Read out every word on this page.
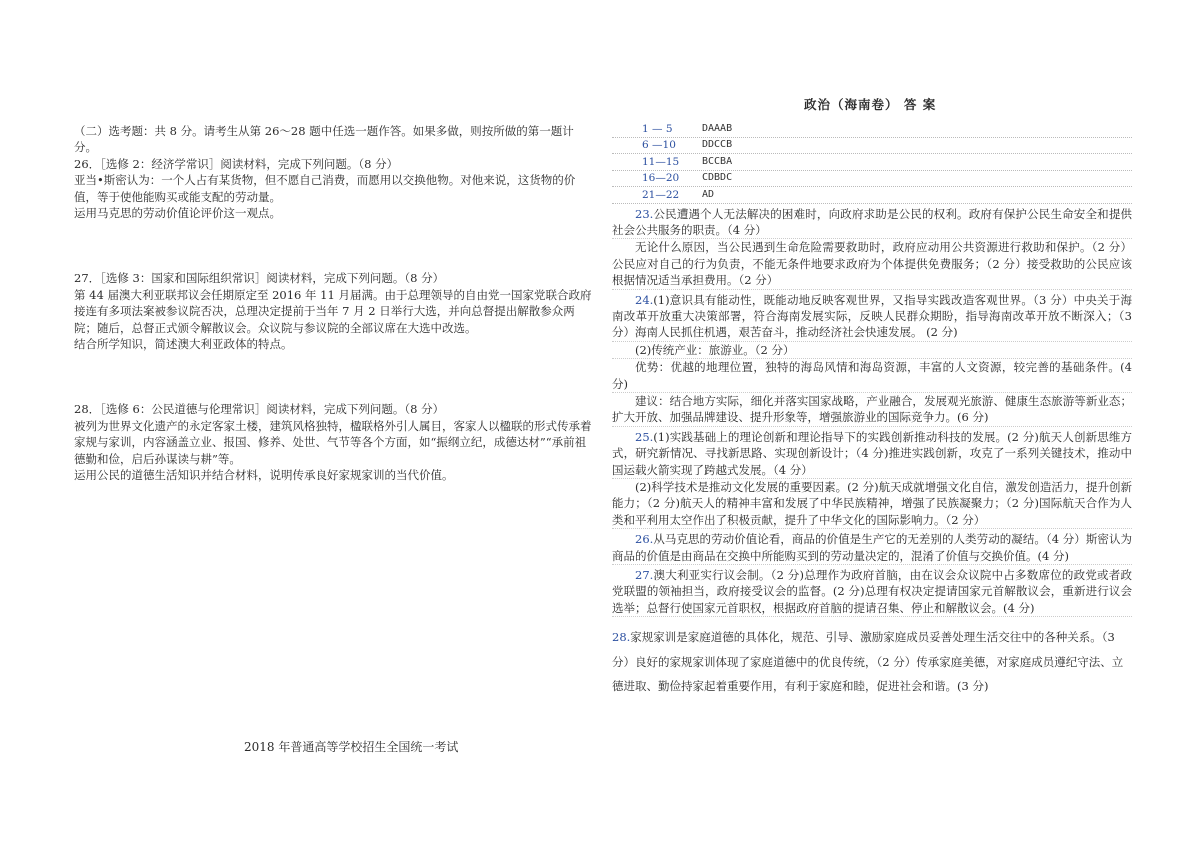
（二）选考题：共 8 分。请考生从第 26～28 题中任选一题作答。如果多做，则按所做的第一题计分。

26．［选修 2：经济学常识］阅读材料，完成下列问题。（8 分）

亚当•斯密认为：一个人占有某货物，但不愿自己消费，而愿用以交换他物。对他来说，这货物的价值，等于使他能购买或能支配的劳动量。

运用马克思的劳动价值论评价这一观点。

27．［选修 3：国家和国际组织常识］阅读材料，完成下列问题。（8 分）

第 44 届澳大利亚联邦议会任期原定至 2016 年 11 月届满。由于总理领导的自由党一国家党联合政府接连有多项法案被参议院否决，总理决定提前于当年 7 月 2 日举行大选，并向总督提出解散参众两院；随后，总督正式颁令解散议会。众议院与参议院的全部议席在大选中改选。

结合所学知识，简述澳大利亚政体的特点。

28．［选修 6：公民道德与伦理常识］阅读材料，完成下列问题。（8 分）

被列为世界文化遗产的永定客家土楼，建筑风格独特，楹联格外引人属目，客家人以楹联的形式传承着家规与家训，内容涵盖立业、报国、修养、处世、气节等各个方面，如“振纲立纪，成德达材”“承前祖德勤和俭，启后孙谋读与耕”等。

运用公民的道德生活知识并结合材料，说明传承良好家规家训的当代价值。

政治（海南卷） 答 案
1 — 5	DAAAB
6 —10	DDCCB
11—15	BCCBA
16—20	CDBDC
21—22	AD

23.公民遭遇个人无法解决的困难时，向政府求助是公民的权利。政府有保护公民生命安全和提供社会公共服务的职责。（4 分）

无论什么原因，当公民遇到生命危险需要救助时，政府应动用公共资源进行救助和保护。（2 分）公民应对自己的行为负责，不能无条件地要求政府为个体提供免费服务；（2 分）接受救助的公民应该根据情况适当承担费用。（2 分）

24.(1)意识具有能动性，既能动地反映客观世界，又指导实践改造客观世界。（3 分）中央关于海南改革开放重大决策部署，符合海南发展实际，反映人民群众期盼，指导海南改革开放不断深入；（3 分）海南人民抓住机遇，艰苦奋斗，推动经济社会快速发展。 (2 分)

(2)传统产业：旅游业。（2 分）

优势：优越的地理位置，独特的海岛风情和海岛资源，丰富的人文资源，较完善的基础条件。(4 分)

建议：结合地方实际，细化并落实国家战略，产业融合，发展观光旅游、健康生态旅游等新业态；扩大开放、加强品牌建设、提升形象等，增强旅游业的国际竞争力。(6 分)

25.(1)实践基础上的理论创新和理论指导下的实践创新推动科技的发展。(2 分)航天人创新思维方式，研究新情况、寻找新思路、实现创新设计；（4 分)推进实践创新，攻克了一系列关键技术，推动中国运载火箭实现了跨越式发展。（4 分）

(2)科学技术是推动文化发展的重要因素。(2 分)航天成就增强文化自信，激发创造活力，提升创新能力；（2 分)航天人的精神丰富和发展了中华民族精神，增强了民族凝聚力；（2 分)国际航天合作为人类和平利用太空作出了积极贡献，提升了中华文化的国际影响力。（2 分）

26.从马克思的劳动价值论看，商品的价值是生产它的无差别的人类劳动的凝结。（4 分）斯密认为商品的价值是由商品在交换中所能购买到的劳动量决定的，混淆了价值与交换价值。(4 分)

27.澳大利亚实行议会制。（2 分)总理作为政府首脑，由在议会众议院中占多数席位的政党或者政党联盟的领袖担当，政府接受议会的监督。(2 分)总理有权决定提请国家元首解散议会，重新进行议会选举；总督行使国家元首职权，根据政府首脑的提请召集、停止和解散议会。(4 分)

28.家规家训是家庭道德的具体化，规范、引导、激励家庭成员妥善处理生活交往中的各种关系。（3 分）良好的家规家训体现了家庭道德中的优良传统，（2 分）传承家庭美德，对家庭成员遵纪守法、立德进取、勤俭持家起着重要作用，有利于家庭和睦，促进社会和谐。(3 分)

2018 年普通高等学校招生全国统一考试
